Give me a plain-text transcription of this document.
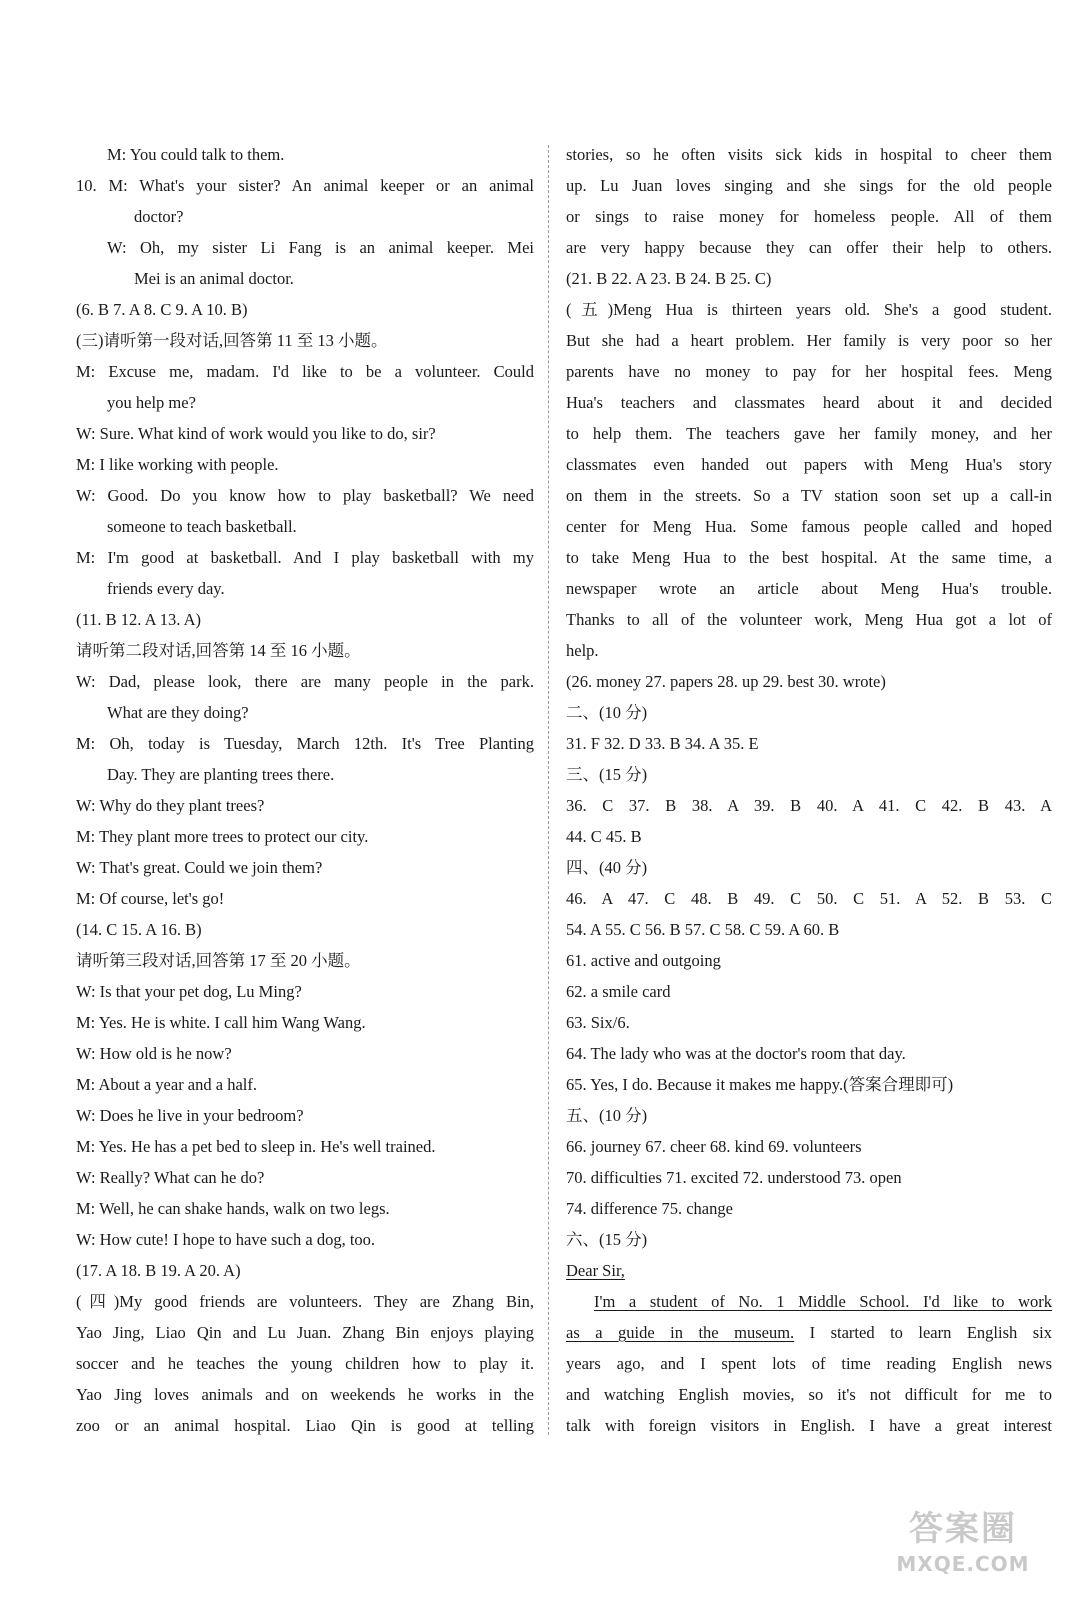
M: You could talk to them.
10. M: What's your sister? An animal keeper or an animal
doctor?
W: Oh, my sister Li Fang is an animal keeper. Mei
Mei is an animal doctor.
(6. B 7. A 8. C 9. A 10. B)
(三)请听第一段对话,回答第 11 至 13 小题。
M: Excuse me, madam. I'd like to be a volunteer. Could
you help me?
W: Sure. What kind of work would you like to do, sir?
M: I like working with people.
W: Good. Do you know how to play basketball? We need
someone to teach basketball.
M: I'm good at basketball. And I play basketball with my
friends every day.
(11. B 12. A 13. A)
请听第二段对话,回答第 14 至 16 小题。
W: Dad, please look, there are many people in the park.
What are they doing?
M: Oh, today is Tuesday, March 12th. It's Tree Planting
Day. They are planting trees there.
W: Why do they plant trees?
M: They plant more trees to protect our city.
W: That's great. Could we join them?
M: Of course, let's go!
(14. C 15. A 16. B)
请听第三段对话,回答第 17 至 20 小题。
W: Is that your pet dog, Lu Ming?
M: Yes. He is white. I call him Wang Wang.
W: How old is he now?
M: About a year and a half.
W: Does he live in your bedroom?
M: Yes. He has a pet bed to sleep in. He's well trained.
W: Really? What can he do?
M: Well, he can shake hands, walk on two legs.
W: How cute! I hope to have such a dog, too.
(17. A 18. B 19. A 20. A)
(四)My good friends are volunteers. They are Zhang Bin,
Yao Jing, Liao Qin and Lu Juan. Zhang Bin enjoys playing
soccer and he teaches the young children how to play it.
Yao Jing loves animals and on weekends he works in the
zoo or an animal hospital. Liao Qin is good at telling
stories, so he often visits sick kids in hospital to cheer them
up. Lu Juan loves singing and she sings for the old people
or sings to raise money for homeless people. All of them
are very happy because they can offer their help to others.
(21. B 22. A 23. B 24. B 25. C)
(五)Meng Hua is thirteen years old. She's a good student.
But she had a heart problem. Her family is very poor so her
parents have no money to pay for her hospital fees. Meng
Hua's teachers and classmates heard about it and decided
to help them. The teachers gave her family money, and her
classmates even handed out papers with Meng Hua's story
on them in the streets. So a TV station soon set up a call-in
center for Meng Hua. Some famous people called and hoped
to take Meng Hua to the best hospital. At the same time, a
newspaper wrote an article about Meng Hua's trouble.
Thanks to all of the volunteer work, Meng Hua got a lot of
help.
(26. money 27. papers 28. up 29. best 30. wrote)
二、(10 分)
31. F 32. D 33. B 34. A 35. E
三、(15 分)
36. C 37. B 38. A 39. B 40. A 41. C 42. B 43. A
44. C 45. B
四、(40 分)
46. A 47. C 48. B 49. C 50. C 51. A 52. B 53. C
54. A 55. C 56. B 57. C 58. C 59. A 60. B
61. active and outgoing
62. a smile card
63. Six/6.
64. The lady who was at the doctor's room that day.
65. Yes, I do. Because it makes me happy.(答案合理即可)
五、(10 分)
66. journey 67. cheer 68. kind 69. volunteers
70. difficulties 71. excited 72. understood 73. open
74. difference 75. change
六、(15 分)
Dear Sir,
I'm a student of No. 1 Middle School. I'd like to work
as a guide in the museum. I started to learn English six
years ago, and I spent lots of time reading English news
and watching English movies, so it's not difficult for me to
talk with foreign visitors in English. I have a great interest
答案圈
MXQE.COM
